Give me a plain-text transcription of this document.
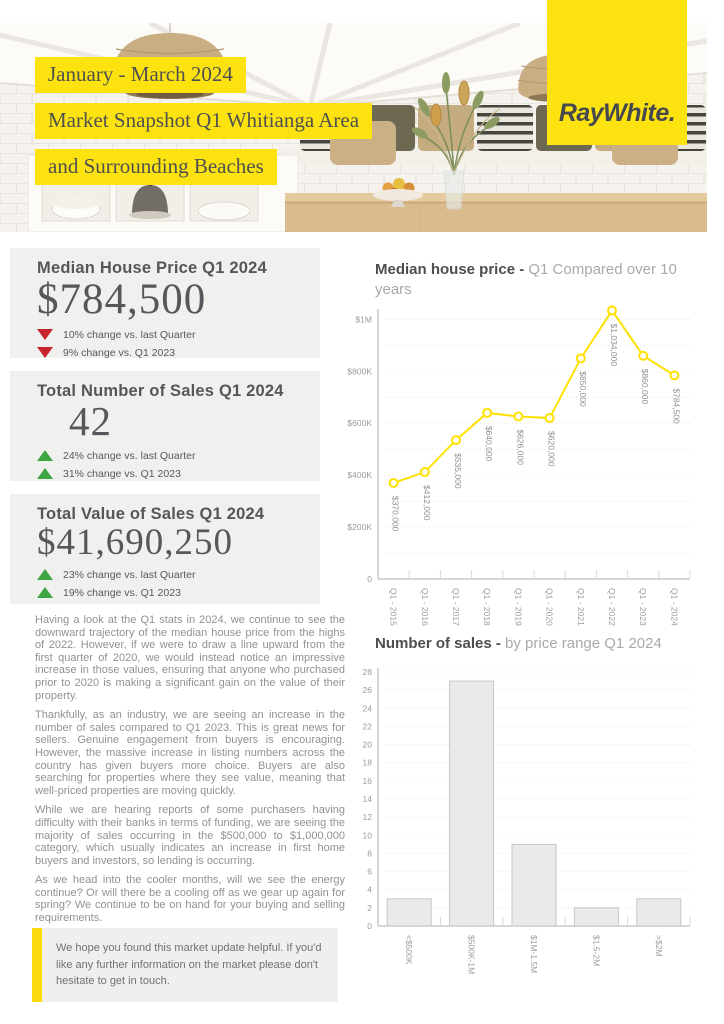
January - March 2024
Market Snapshot Q1 Whitianga Area
and Surrounding Beaches
RayWhite.
Median House Price Q1 2024
$784,500
10% change vs. last Quarter
9% change vs. Q1 2023
Total Number of Sales Q1 2024
42
24% change vs. last Quarter
31% change vs. Q1 2023
Total Value of Sales Q1 2024
$41,690,250
23% change vs. last Quarter
19% change vs. Q1 2023
Median house price - Q1 Compared over 10 years
0
$200K
$400K
$600K
$800K
$1M
$370,000
Q1 - 2015
$412,000
Q1 - 2016
$535,000
Q1 - 2017
$640,000
Q1 - 2018
$626,000
Q1 - 2019
$620,000
Q1 - 2020
$850,000
Q1 - 2021
$1,034,000
Q1 - 2022
$860,000
Q1 - 2023
$784,500
Q1 - 2024

Having a look at the Q1 stats in 2024, we continue to see the downward trajectory of the median house price from the highs of 2022. However, if we were to draw a line upward from the first quarter of 2020, we would instead notice an impressive increase in those values, ensuring that anyone who purchased prior to 2020 is making a significant gain on the value of their property.

Thankfully, as an industry, we are seeing an increase in the number of sales compared to Q1 2023. This is great news for sellers. Genuine engagement from buyers is encouraging. However, the massive increase in listing numbers across the country has given buyers more choice. Buyers are also searching for properties where they see value, meaning that well-priced properties are moving quickly.

While we are hearing reports of some purchasers having difficulty with their banks in terms of funding, we are seeing the majority of sales occurring in the $500,000 to $1,000,000 category, which usually indicates an increase in first home buyers and investors, so lending is occurring.

As we head into the cooler months, will we see the energy continue? Or will there be a cooling off as we gear up again for spring? We continue to be on hand for your buying and selling requirements.

Number of sales - by price range Q1 2024
0
2
4
6
8
10
12
14
16
18
20
22
24
26
28
<$500K	$500K-1M	$1M-1.5M	$1.5-2M	>$2M
We hope you found this market update helpful. If you'd like any further information on the market please don't hesitate to get in touch.
